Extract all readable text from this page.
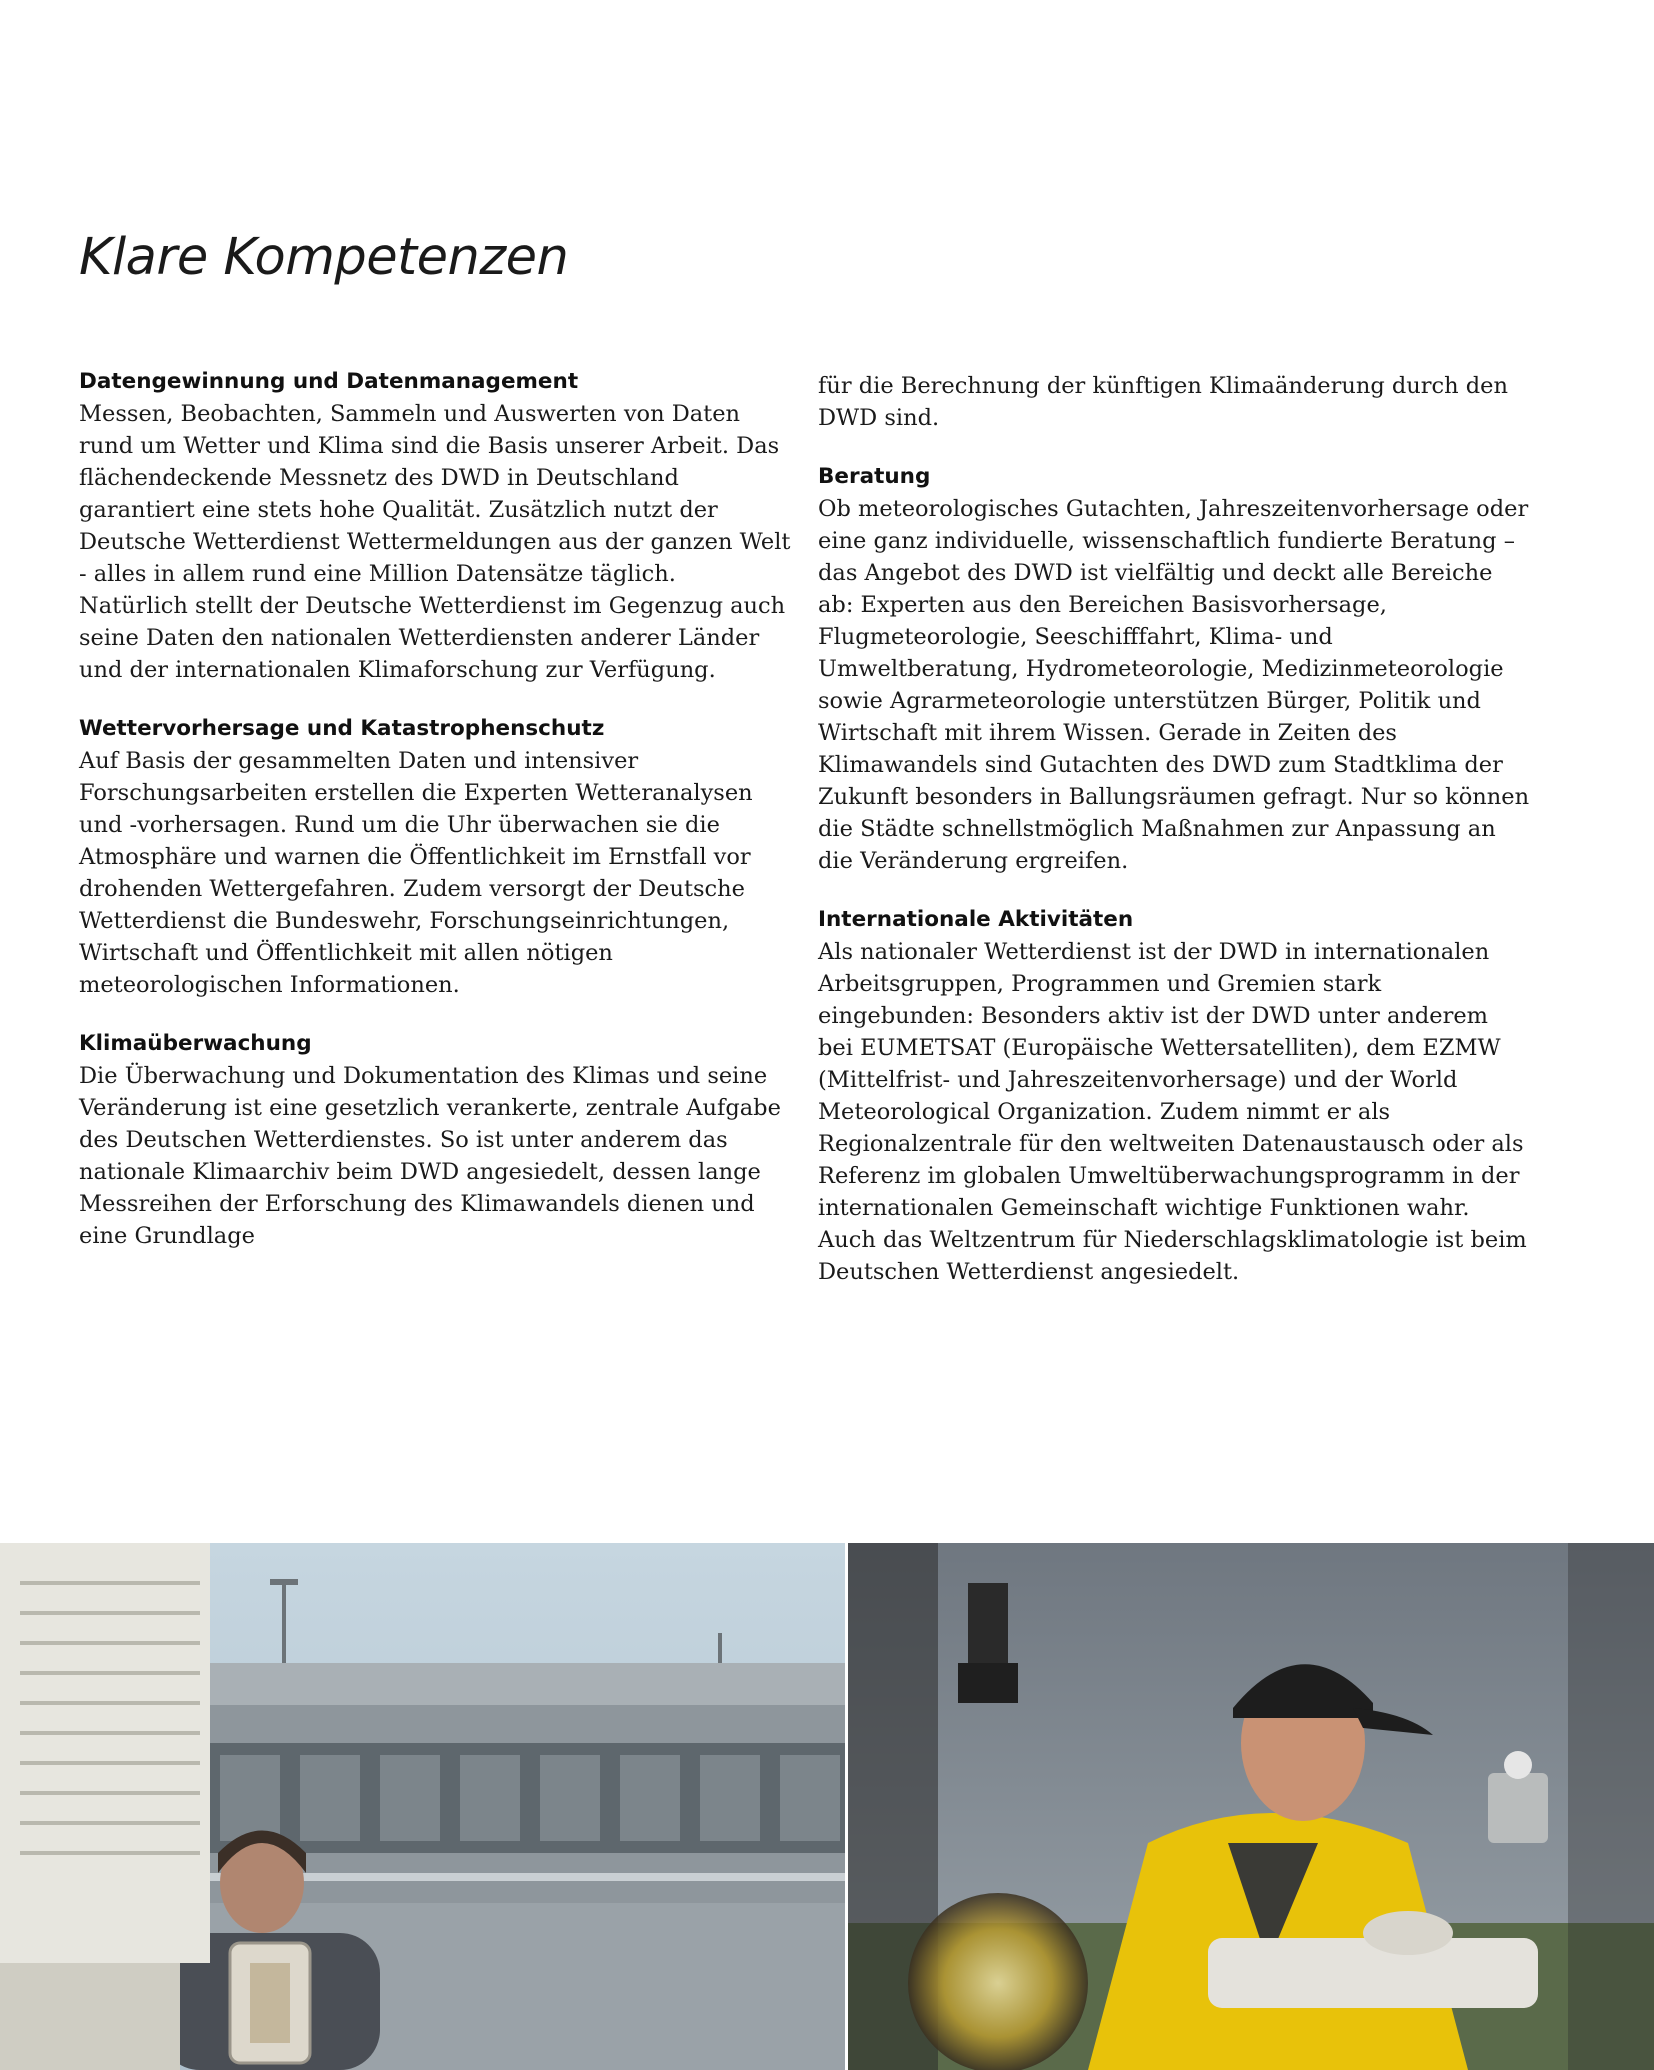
Klare Kompetenzen
Datengewinnung und Datenmanagement

Messen, Beobachten, Sammeln und Auswerten von Daten rund um Wetter und Klima sind die Basis unserer Arbeit. Das flächendeckende Messnetz des DWD in Deutschland garantiert eine stets hohe Qualität. Zusätzlich nutzt der Deutsche Wetterdienst Wettermeldungen aus der ganzen Welt - alles in allem rund eine Million Datensätze täglich. Natürlich stellt der Deutsche Wetterdienst im Gegenzug auch seine Daten den nationalen Wetterdiensten anderer Länder und der internationalen Klimaforschung zur Verfügung.

Wettervorhersage und Katastrophenschutz

Auf Basis der gesammelten Daten und intensiver Forschungsarbeiten erstellen die Experten Wetteranalysen und -vorhersagen. Rund um die Uhr überwachen sie die Atmosphäre und warnen die Öffentlichkeit im Ernstfall vor drohenden Wettergefahren. Zudem versorgt der Deutsche Wetterdienst die Bundeswehr, Forschungseinrichtungen, Wirtschaft und Öffentlichkeit mit allen nötigen meteorologischen Informationen.

Klimaüberwachung

Die Überwachung und Dokumentation des Klimas und seine Veränderung ist eine gesetzlich verankerte, zentrale Aufgabe des Deutschen Wetterdienstes. So ist unter anderem das nationale Klimaarchiv beim DWD angesiedelt, dessen lange Messreihen der Erforschung des Klimawandels dienen und eine Grundlage

für die Berechnung der künftigen Klimaänderung durch den DWD sind.

Beratung

Ob meteorologisches Gutachten, Jahreszeitenvorhersage oder eine ganz individuelle, wissenschaftlich fundierte Beratung – das Angebot des DWD ist vielfältig und deckt alle Bereiche ab: Experten aus den Bereichen Basisvorhersage, Flugmeteorologie, Seeschifffahrt, Klima- und Umweltberatung, Hydrometeorologie, Medizinmeteorologie sowie Agrarmeteorologie unterstützen Bürger, Politik und Wirtschaft mit ihrem Wissen. Gerade in Zeiten des Klimawandels sind Gutachten des DWD zum Stadtklima der Zukunft besonders in Ballungsräumen gefragt. Nur so können die Städte schnellstmöglich Maßnahmen zur Anpassung an die Veränderung ergreifen.

Internationale Aktivitäten

Als nationaler Wetterdienst ist der DWD in internationalen Arbeitsgruppen, Programmen und Gremien stark eingebunden: Besonders aktiv ist der DWD unter anderem bei EUMETSAT (Europäische Wettersatelliten), dem EZMW (Mittelfrist- und Jahreszeitenvorhersage) und der World Meteorological Organization. Zudem nimmt er als Regionalzentrale für den weltweiten Datenaustausch oder als Referenz im globalen Umweltüberwachungsprogramm in der internationalen Gemeinschaft wichtige Funktionen wahr. Auch das Weltzentrum für Niederschlagsklimatologie ist beim Deutschen Wetterdienst angesiedelt.
